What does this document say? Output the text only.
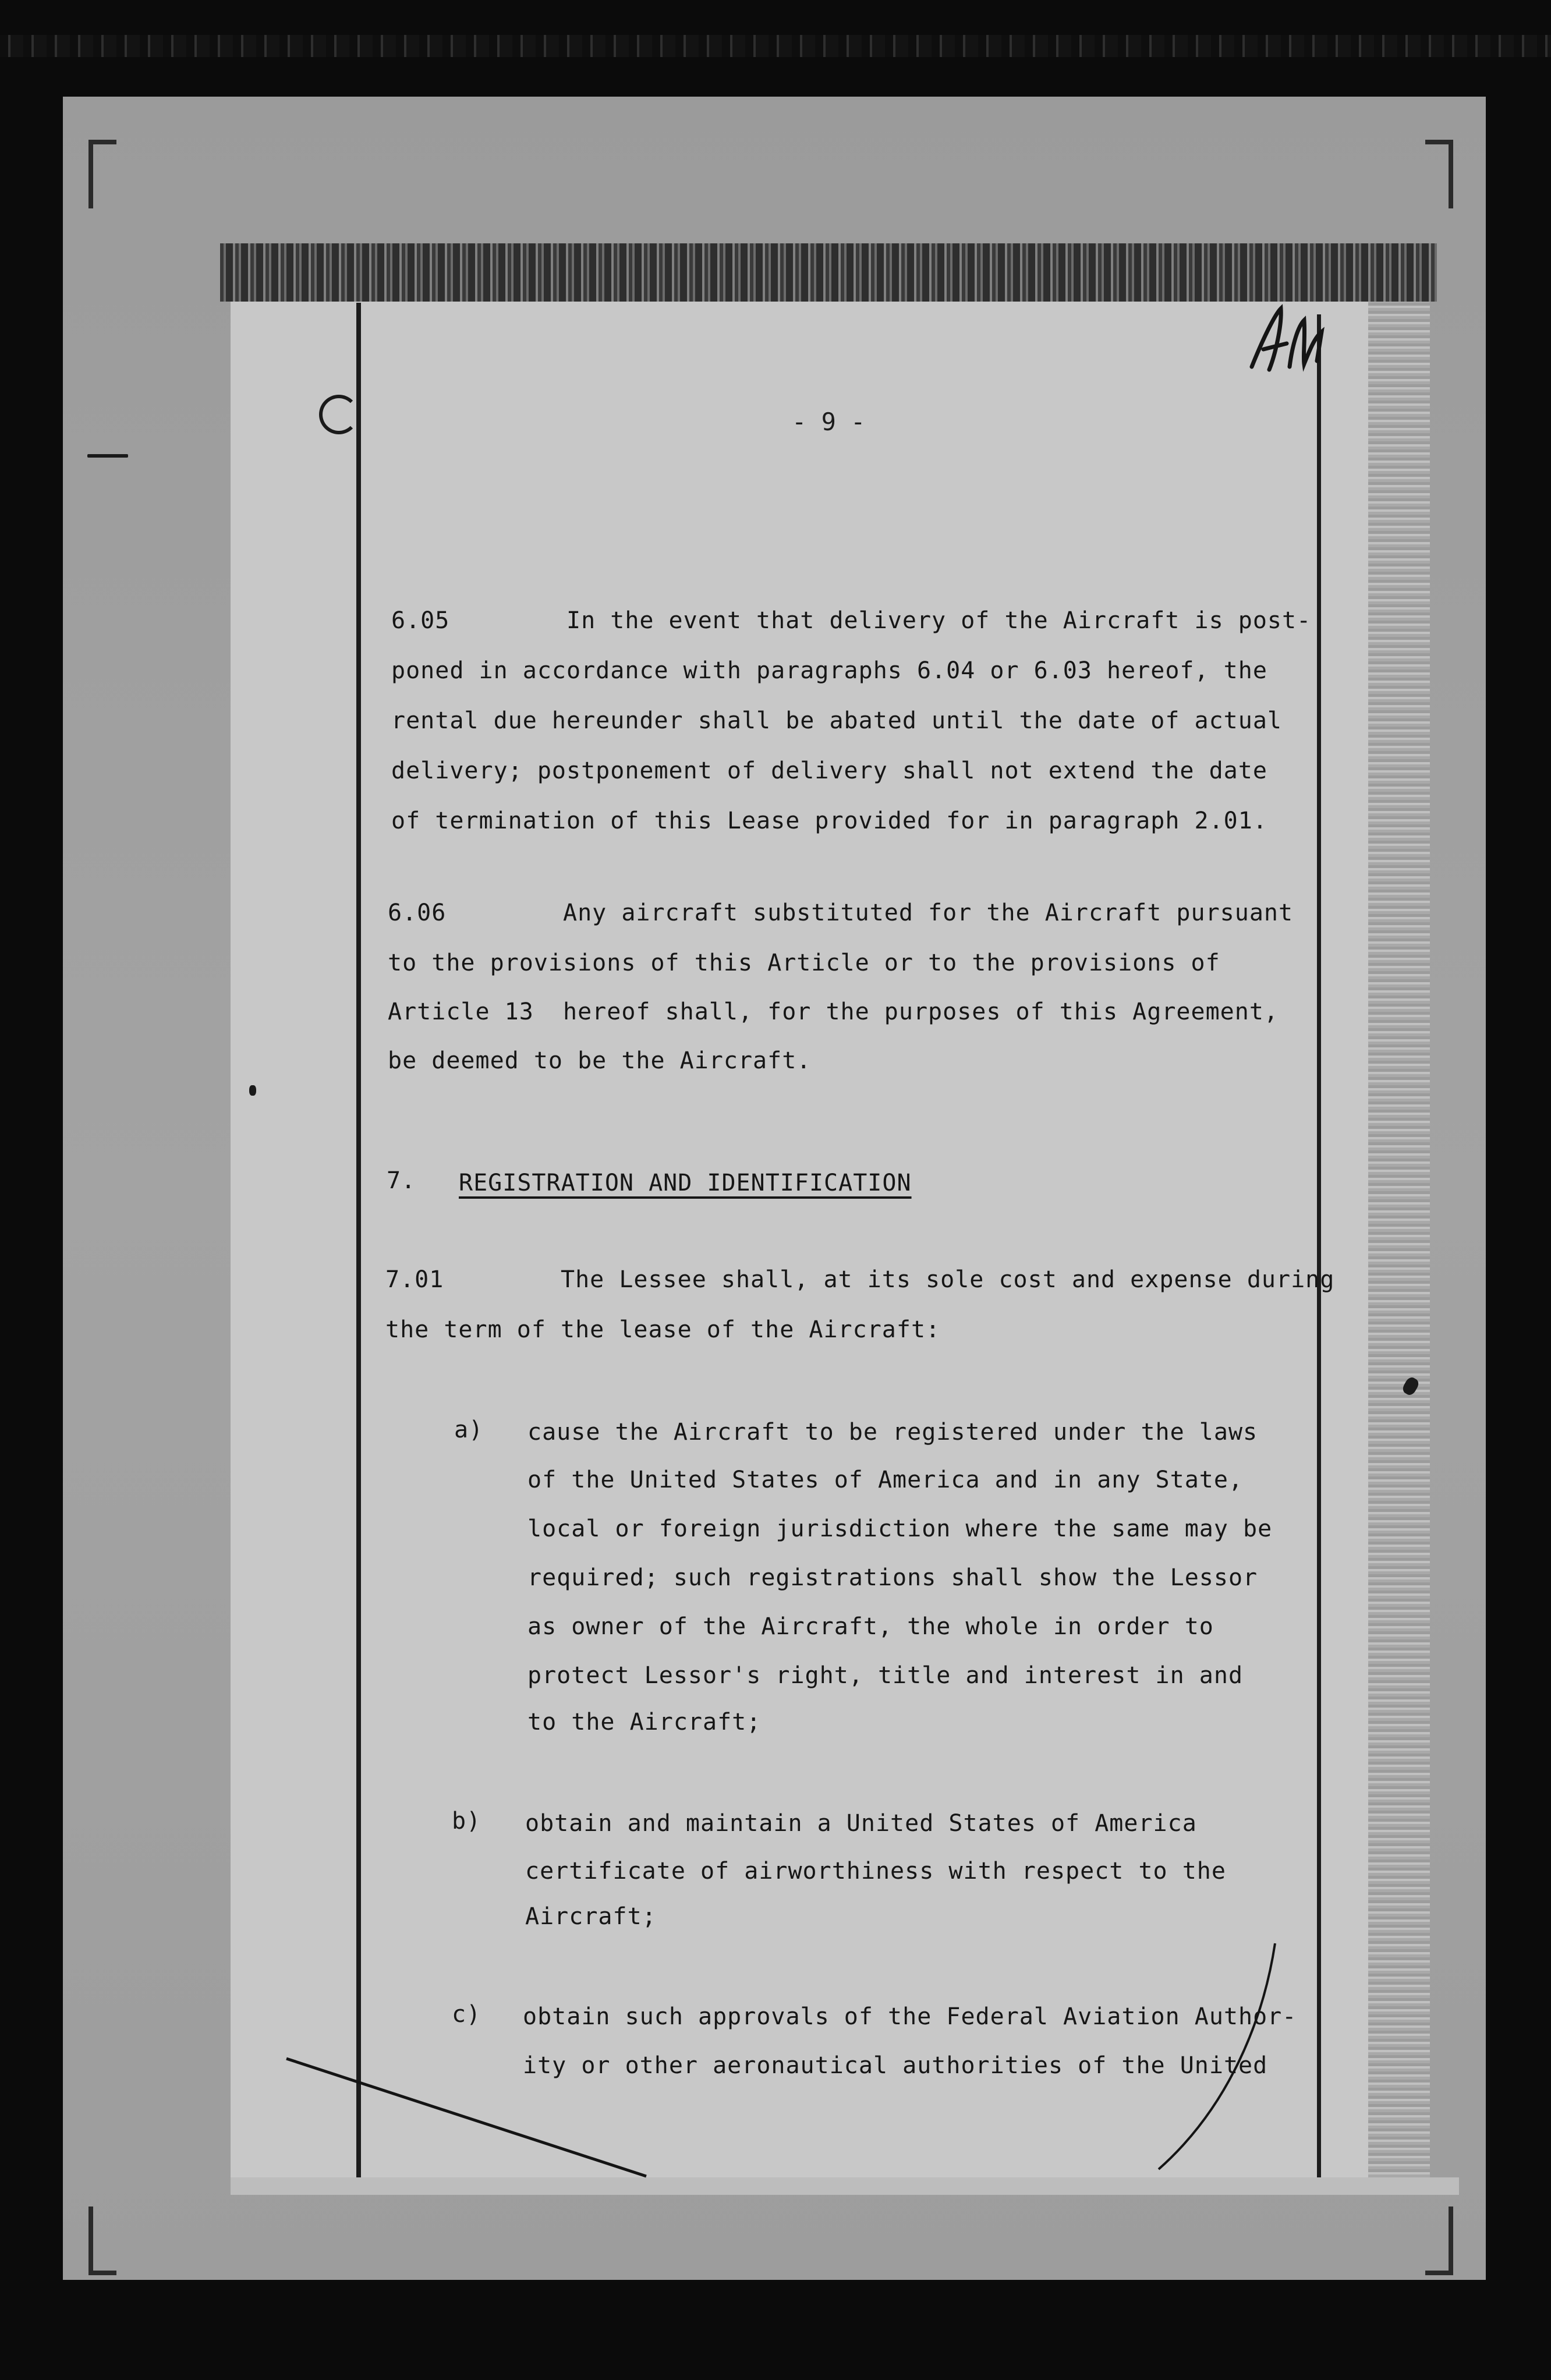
- 9 -
6.05        In the event that delivery of the Aircraft is post-
poned in accordance with paragraphs 6.04 or 6.03 hereof, the
rental due hereunder shall be abated until the date of actual
delivery; postponement of delivery shall not extend the date
of termination of this Lease provided for in paragraph 2.01.
6.06        Any aircraft substituted for the Aircraft pursuant
to the provisions of this Article or to the provisions of
Article 13  hereof shall, for the purposes of this Agreement,
be deemed to be the Aircraft.
7. REGISTRATION AND IDENTIFICATION
7.01        The Lessee shall, at its sole cost and expense during
the term of the lease of the Aircraft:
a) cause the Aircraft to be registered under the laws
of the United States of America and in any State,
local or foreign jurisdiction where the same may be
required; such registrations shall show the Lessor
as owner of the Aircraft, the whole in order to
protect Lessor's right, title and interest in and
to the Aircraft;
b) obtain and maintain a United States of America
certificate of airworthiness with respect to the
Aircraft;
c) obtain such approvals of the Federal Aviation Author-
ity or other aeronautical authorities of the United
